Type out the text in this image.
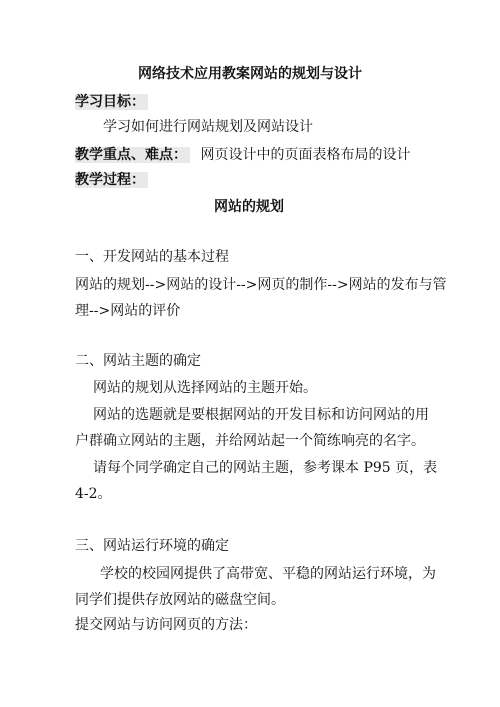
网络技术应用教案网站的规划与设计
学习目标：
学习如何进行网站规划及网站设计
教学重点、难点： 网页设计中的页面表格布局的设计
教学过程：
网站的规划
一、开发网站的基本过程
网站的规划-->网站的设计-->网页的制作-->网站的发布与管
理-->网站的评价
二、网站主题的确定
网站的规划从选择网站的主题开始。
网站的选题就是要根据网站的开发目标和访问网站的用
户群确立网站的主题，并给网站起一个简练响亮的名字。
请每个同学确定自己的网站主题，参考课本 P95 页，表
4-2。
三、网站运行环境的确定
学校的校园网提供了高带宽、平稳的网站运行环境，为
同学们提供存放网站的磁盘空间。
提交网站与访问网页的方法：
